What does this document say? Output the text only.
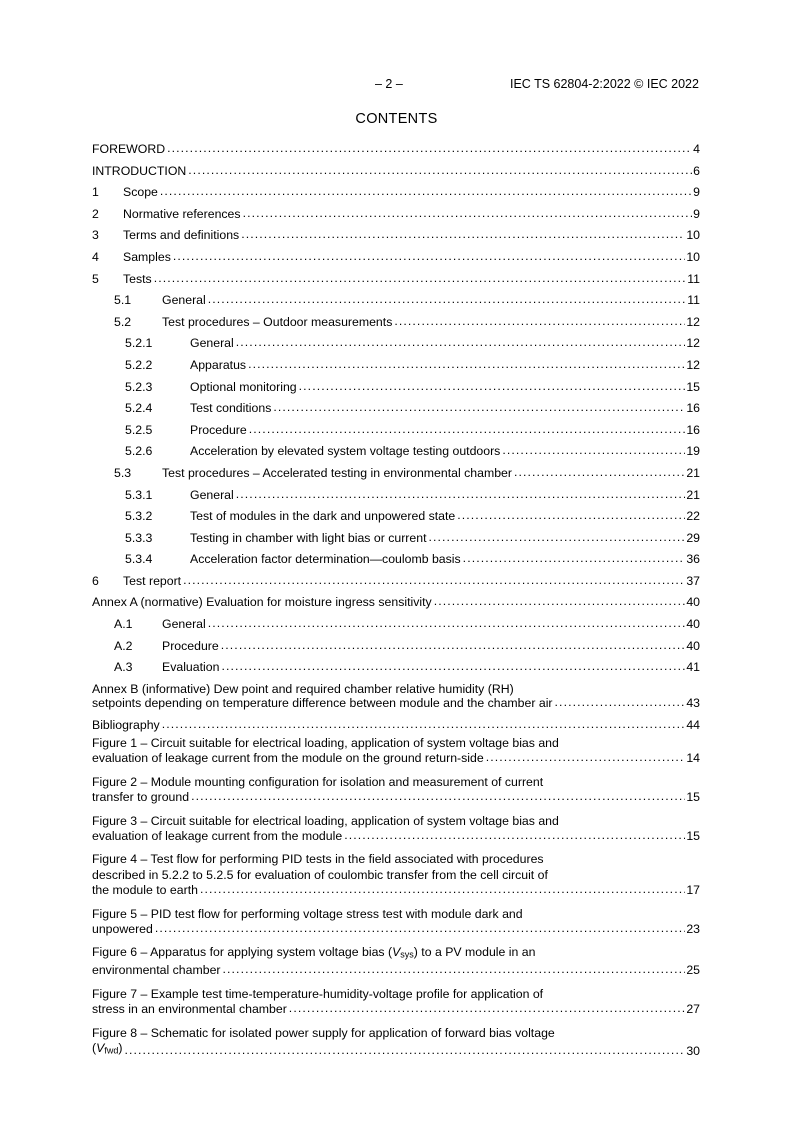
– 2 –	IEC TS 62804-2:2022 © IEC 2022
CONTENTS
FOREWORD .....	4
INTRODUCTION .....	6
1	Scope .....	9
2	Normative references .....	9
3	Terms and definitions .....	10
4	Samples .....	10
5	Tests .....	11
5.1	General .....	11
5.2	Test procedures – Outdoor measurements .....	12
5.2.1	General .....	12
5.2.2	Apparatus .....	12
5.2.3	Optional monitoring .....	15
5.2.4	Test conditions .....	16
5.2.5	Procedure .....	16
5.2.6	Acceleration by elevated system voltage testing outdoors .....	19
5.3	Test procedures – Accelerated testing in environmental chamber .....	21
5.3.1	General .....	21
5.3.2	Test of modules in the dark and unpowered state .....	22
5.3.3	Testing in chamber with light bias or current .....	29
5.3.4	Acceleration factor determination—coulomb basis .....	36
6	Test report .....	37
Annex A (normative) Evaluation for moisture ingress sensitivity .....	40
A.1	General .....	40
A.2	Procedure .....	40
A.3	Evaluation .....	41
Annex B (informative) Dew point and required chamber relative humidity (RH)
setpoints depending on temperature difference between module and the chamber air .....	43
Bibliography .....	44
Figure 1 – Circuit suitable for electrical loading, application of system voltage bias and
evaluation of leakage current from the module on the ground return-side .....	14
Figure 2 – Module mounting configuration for isolation and measurement of current
transfer to ground .....	15
Figure 3 – Circuit suitable for electrical loading, application of system voltage bias and
evaluation of leakage current from the module .....	15
Figure 4 – Test flow for performing PID tests in the field associated with procedures
described in 5.2.2 to 5.2.5 for evaluation of coulombic transfer from the cell circuit of
the module to earth .....	17
Figure 5 – PID test flow for performing voltage stress test with module dark and
unpowered .....	23
Figure 6 – Apparatus for applying system voltage bias (Vsys) to a PV module in an
environmental chamber .....	25
Figure 7 – Example test time-temperature-humidity-voltage profile for application of
stress in an environmental chamber .....	27
Figure 8 – Schematic for isolated power supply for application of forward bias voltage
(Vfwd) .....	30
